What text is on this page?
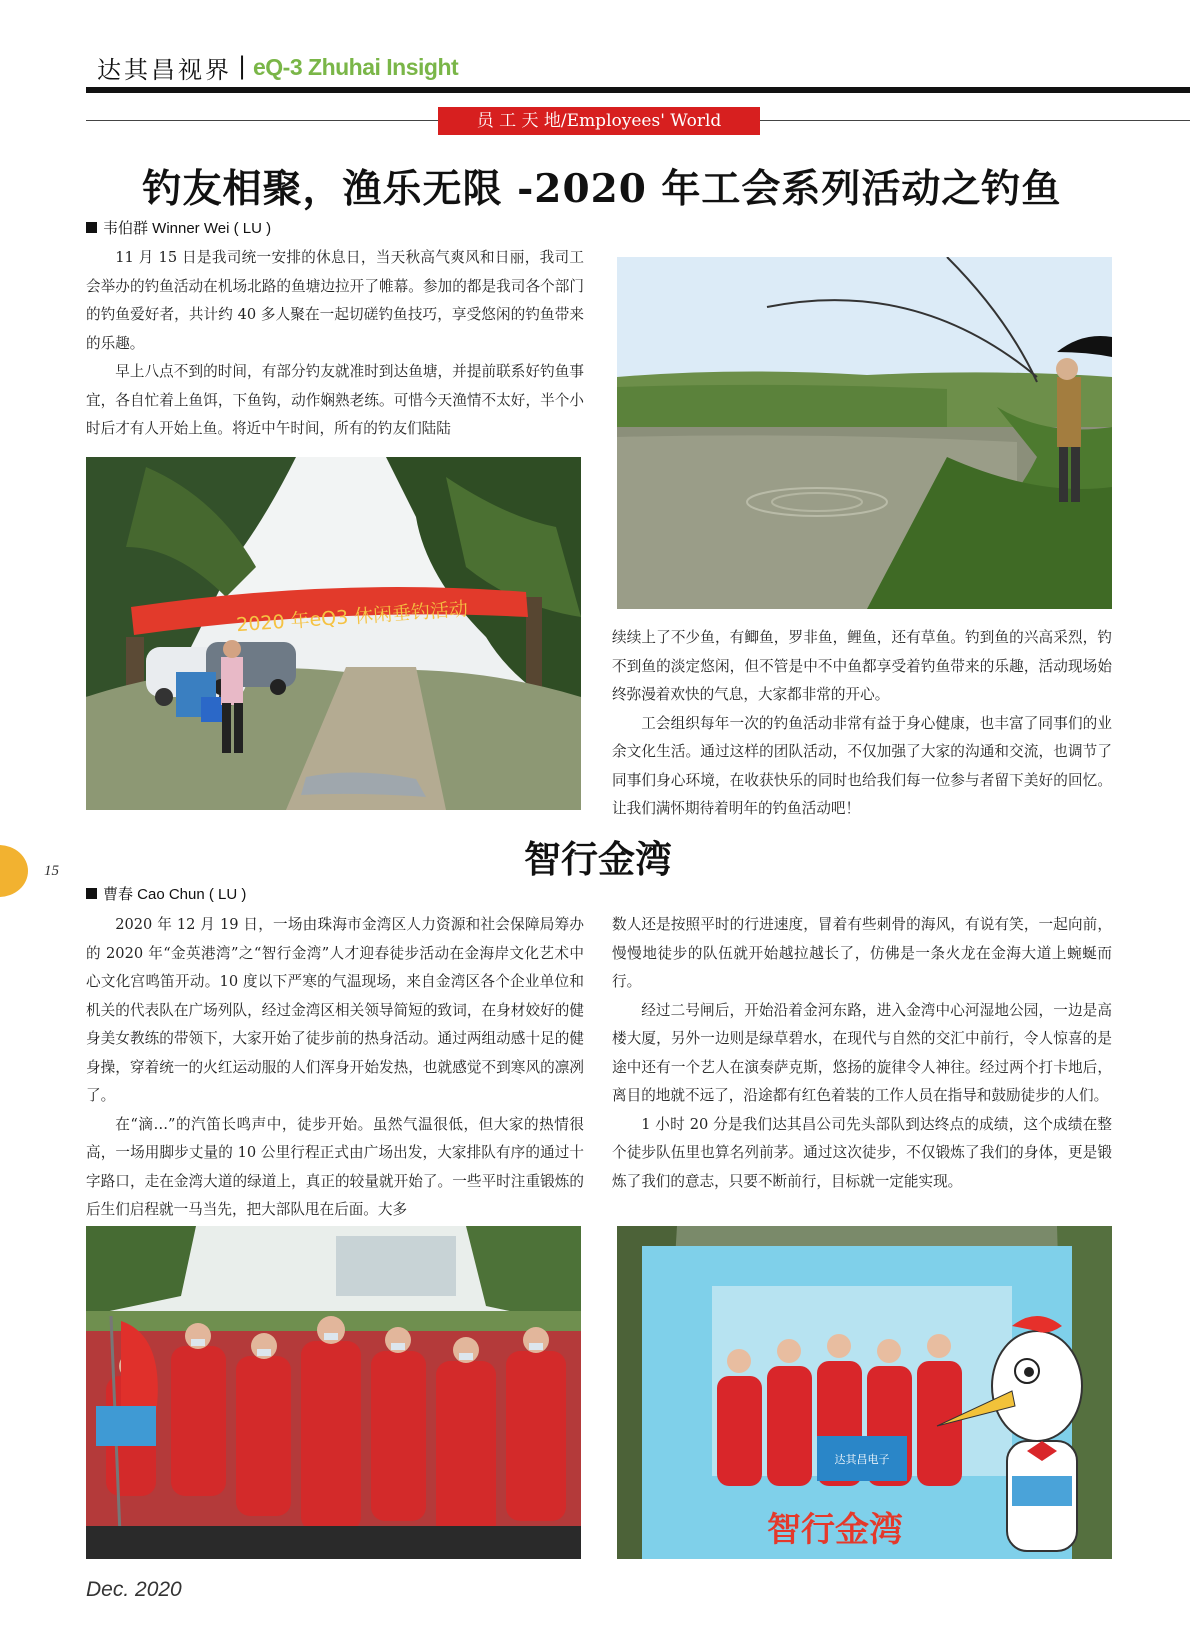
达其昌视界 | eQ-3 Zhuhai Insight
员 工 天 地/Employees' World
钓友相聚，渔乐无限 -2020 年工会系列活动之钓鱼
韦伯群 Winner Wei ( LU )

11 月 15 日是我司统一安排的休息日，当天秋高气爽风和日丽，我司工会举办的钓鱼活动在机场北路的鱼塘边拉开了帷幕。参加的都是我司各个部门的钓鱼爱好者，共计约 40 多人聚在一起切磋钓鱼技巧，享受悠闲的钓鱼带来的乐趣。

早上八点不到的时间，有部分钓友就准时到达鱼塘，并提前联系好钓鱼事宜，各自忙着上鱼饵，下鱼钩，动作娴熟老练。可惜今天渔情不太好，半个小时后才有人开始上鱼。将近中午时间，所有的钓友们陆陆

2020 年eQ3 休闲垂钓活动

续续上了不少鱼，有鲫鱼，罗非鱼，鲤鱼，还有草鱼。钓到鱼的兴高采烈，钓不到鱼的淡定悠闲，但不管是中不中鱼都享受着钓鱼带来的乐趣，活动现场始终弥漫着欢快的气息，大家都非常的开心。

工会组织每年一次的钓鱼活动非常有益于身心健康，也丰富了同事们的业余文化生活。通过这样的团队活动，不仅加强了大家的沟通和交流，也调节了同事们身心环境，在收获快乐的同时也给我们每一位参与者留下美好的回忆。让我们满怀期待着明年的钓鱼活动吧！

15	智行金湾
曹春 Cao Chun ( LU )

2020 年 12 月 19 日，一场由珠海市金湾区人力资源和社会保障局筹办的 2020 年“金英港湾”之“智行金湾”人才迎春徒步活动在金海岸文化艺术中心文化宫鸣笛开动。10 度以下严寒的气温现场，来自金湾区各个企业单位和机关的代表队在广场列队，经过金湾区相关领导简短的致词，在身材姣好的健身美女教练的带领下，大家开始了徒步前的热身活动。通过两组动感十足的健身操，穿着统一的火红运动服的人们浑身开始发热，也就感觉不到寒风的凛冽了。

在“滴…”的汽笛长鸣声中，徒步开始。虽然气温很低，但大家的热情很高，一场用脚步丈量的 10 公里行程正式由广场出发，大家排队有序的通过十字路口，走在金湾大道的绿道上，真正的较量就开始了。一些平时注重锻炼的后生们启程就一马当先，把大部队甩在后面。大多

数人还是按照平时的行进速度，冒着有些刺骨的海风，有说有笑，一起向前，慢慢地徒步的队伍就开始越拉越长了，仿佛是一条火龙在金海大道上蜿蜒而行。

经过二号闸后，开始沿着金河东路，进入金湾中心河湿地公园，一边是高楼大厦，另外一边则是绿草碧水，在现代与自然的交汇中前行，令人惊喜的是途中还有一个艺人在演奏萨克斯，悠扬的旋律令人神往。经过两个打卡地后，离目的地就不远了，沿途都有红色着装的工作人员在指导和鼓励徒步的人们。

1 小时 20 分是我们达其昌公司先头部队到达终点的成绩，这个成绩在整个徒步队伍里也算名列前茅。通过这次徒步，不仅锻炼了我们的身体，更是锻炼了我们的意志，只要不断前行，目标就一定能实现。

达其昌电子
智行金湾
Dec. 2020
